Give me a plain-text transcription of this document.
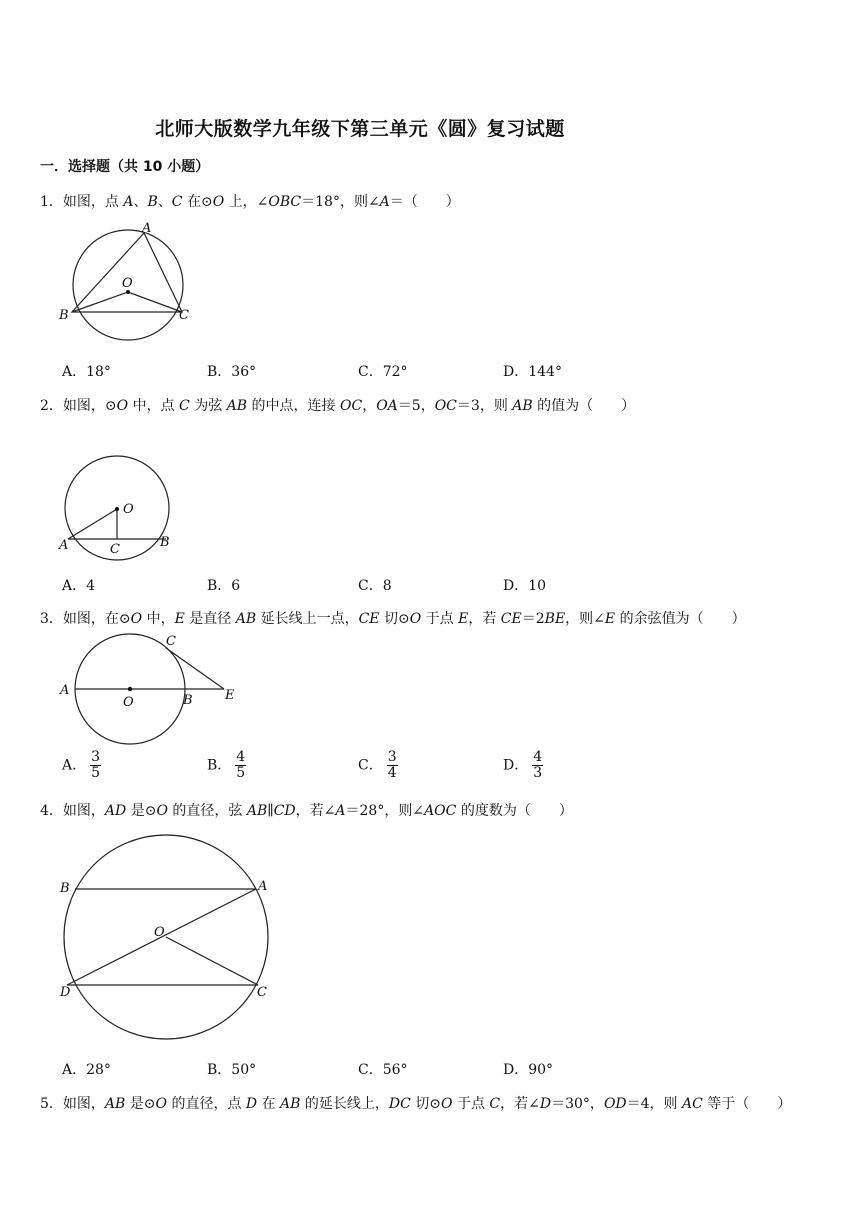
北师大版数学九年级下第三单元《圆》复习试题
一．选择题（共 10 小题）
1．如图，点 A、B、C 在⊙O 上，∠OBC＝18°，则∠A＝（　　）
A
B	C
O
A．18°	B．36°	C．72°	D．144°
2．如图，⊙O 中，点 C 为弦 AB 的中点，连接 OC，OA＝5，OC＝3，则 AB 的值为（　　）
O
A	C	B
A．4	B．6	C．8	D．10
3．如图，在⊙O 中，E 是直径 AB 延长线上一点，CE 切⊙O 于点 E，若 CE＝2BE，则∠E 的余弦值为（　　）
C
A
O	B E
A． $\frac{3}{5}$	B． $\frac{4}{5}$	C． $\frac{3}{4}$	D． $\frac{4}{3}$
4．如图，AD 是⊙O 的直径，弦 AB∥CD，若∠A＝28°，则∠AOC 的度数为（　　）
B	A
O
D	C
A．28°	B．50°	C．56°	D．90°
5．如图，AB 是⊙O 的直径，点 D 在 AB 的延长线上，DC 切⊙O 于点 C，若∠D＝30°，OD＝4，则 AC 等于（　　）
